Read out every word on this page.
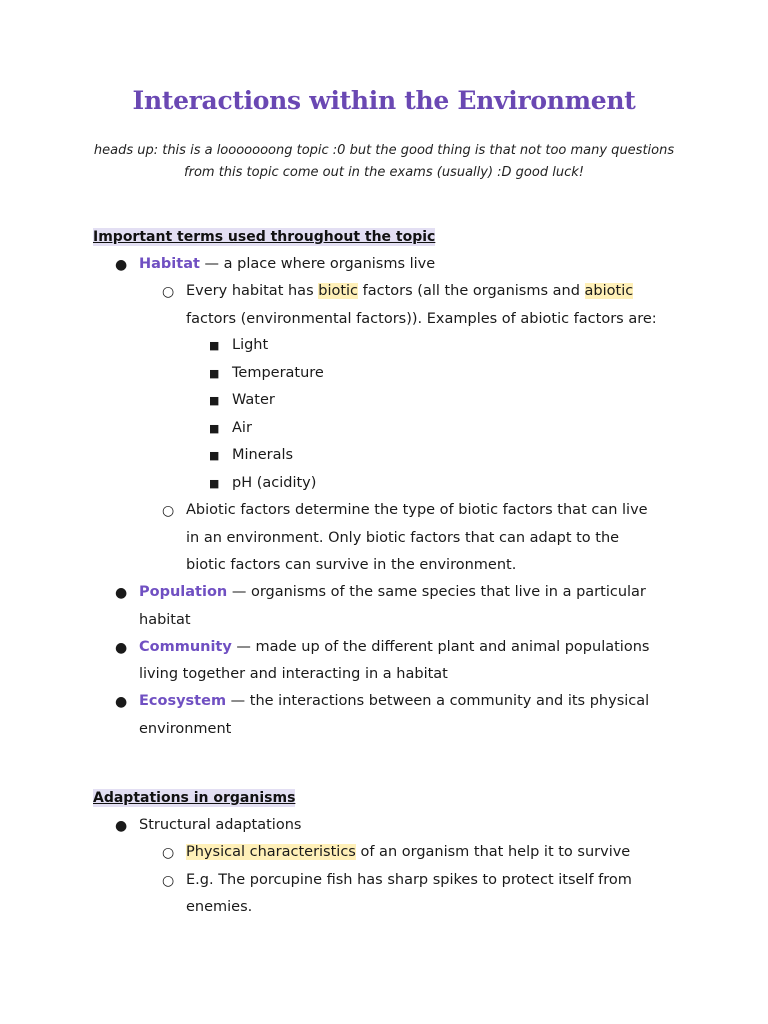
Interactions within the Environment
heads up: this is a looooooong topic :0 but the good thing is that not too many questions
from this topic come out in the exams (usually) :D good luck!
Important terms used throughout the topic
● Habitat — a place where organisms live
○ Every habitat has biotic factors (all the organisms and abiotic
factors (environmental factors)). Examples of abiotic factors are:
■ Light
■ Temperature
■ Water
■ Air
■ Minerals
■ pH (acidity)
○ Abiotic factors determine the type of biotic factors that can live
in an environment. Only biotic factors that can adapt to the
biotic factors can survive in the environment.
● Population — organisms of the same species that live in a particular
habitat
● Community — made up of the different plant and animal populations
living together and interacting in a habitat
● Ecosystem — the interactions between a community and its physical
environment
Adaptations in organisms
● Structural adaptations
○ Physical characteristics of an organism that help it to survive
○ E.g. The porcupine fish has sharp spikes to protect itself from
enemies.
